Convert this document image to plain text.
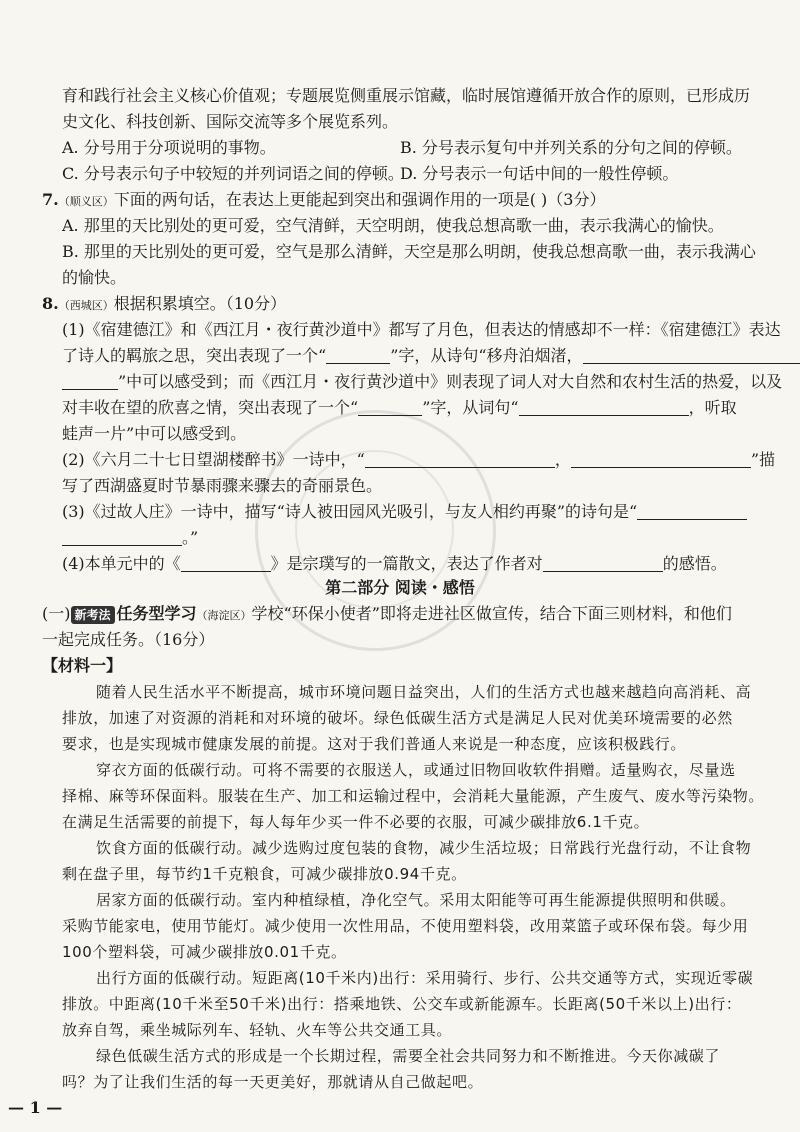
育和践行社会主义核心价值观；专题展览侧重展示馆藏，临时展馆遵循开放合作的原则，已形成历
史文化、科技创新、国际交流等多个展览系列。
A. 分号用于分项说明的事物。	B. 分号表示复句中并列关系的分句之间的停顿。
C. 分号表示句子中较短的并列词语之间的停顿。
D. 分号表示一句话中间的一般性停顿。
7.（顺义区）下面的两句话，在表达上更能起到突出和强调作用的一项是( )（3分）
A. 那里的天比别处的更可爱，空气清鲜，天空明朗，使我总想高歌一曲，表示我满心的愉快。
B. 那里的天比别处的更可爱，空气是那么清鲜，天空是那么明朗，使我总想高歌一曲，表示我满心
的愉快。
8.（西城区）根据积累填空。（10分）
(1)《宿建德江》和《西江月・夜行黄沙道中》都写了月色，但表达的情感却不一样：《宿建德江》表达
了诗人的羁旅之思，突出表现了一个“	”字，从诗句“移舟泊烟渚，
”中可以感受到；而《西江月・夜行黄沙道中》则表现了词人对大自然和农村生活的热爱，以及
对丰收在望的欣喜之情，突出表现了一个“	”字，从词句“	，听取
蛙声一片”中可以感受到。
(2)《六月二十七日望湖楼醉书》一诗中，“	，	”描
写了西湖盛夏时节暴雨骤来骤去的奇丽景色。
(3)《过故人庄》一诗中，描写“诗人被田园风光吸引，与友人相约再聚”的诗句是“
。”
(4)本单元中的《	》是宗璞写的一篇散文，表达了作者对	的感悟。
第二部分 阅读・感悟
(一) 新考法 任务型学习（海淀区）学校“环保小使者”即将走进社区做宣传，结合下面三则材料，和他们
一起完成任务。（16分）
【材料一】
随着人民生活水平不断提高，城市环境问题日益突出，人们的生活方式也越来越趋向高消耗、高
排放，加速了对资源的消耗和对环境的破坏。绿色低碳生活方式是满足人民对优美环境需要的必然
要求，也是实现城市健康发展的前提。这对于我们普通人来说是一种态度，应该积极践行。
穿衣方面的低碳行动。可将不需要的衣服送人，或通过旧物回收软件捐赠。适量购衣，尽量选
择棉、麻等环保面料。服装在生产、加工和运输过程中，会消耗大量能源，产生废气、废水等污染物。
在满足生活需要的前提下，每人每年少买一件不必要的衣服，可减少碳排放6.1千克。
饮食方面的低碳行动。减少选购过度包装的食物，减少生活垃圾；日常践行光盘行动，不让食物
剩在盘子里，每节约1千克粮食，可减少碳排放0.94千克。
居家方面的低碳行动。室内种植绿植，净化空气。采用太阳能等可再生能源提供照明和供暖。
采购节能家电，使用节能灯。减少使用一次性用品，不使用塑料袋，改用菜篮子或环保布袋。每少用
100个塑料袋，可减少碳排放0.01千克。
出行方面的低碳行动。短距离(10千米内)出行：采用骑行、步行、公共交通等方式，实现近零碳
排放。中距离(10千米至50千米)出行：搭乘地铁、公交车或新能源车。长距离(50千米以上)出行：
放弃自驾，乘坐城际列车、轻轨、火车等公共交通工具。
绿色低碳生活方式的形成是一个长期过程，需要全社会共同努力和不断推进。今天你减碳了
吗？为了让我们生活的每一天更美好，那就请从自己做起吧。
— 1 —
